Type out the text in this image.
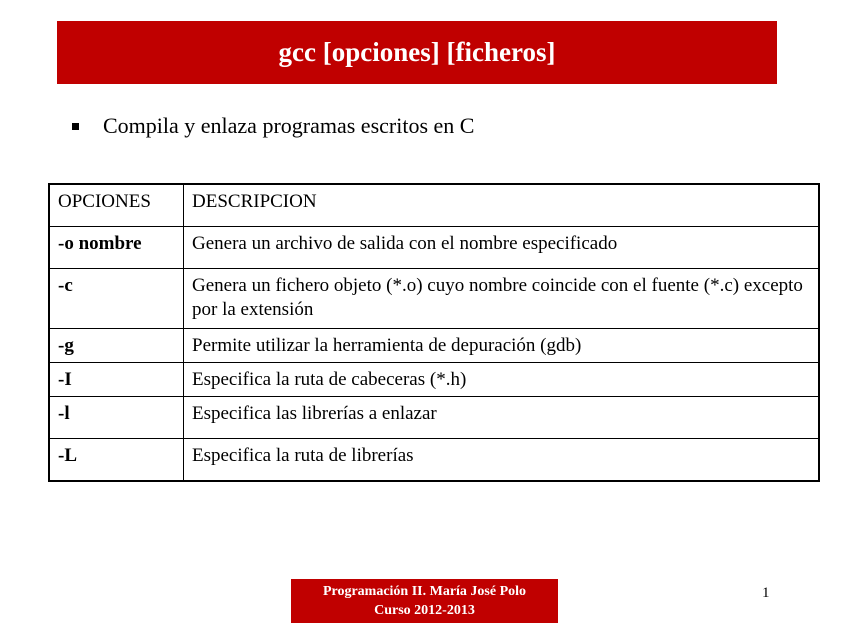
gcc [opciones] [ficheros]
Compila y enlaza programas escritos en C
OPCIONES	DESCRIPCION
-o nombre	Genera un archivo de salida con el nombre especificado
-c	Genera un fichero objeto (*.o) cuyo nombre coincide con el fuente (*.c) excepto por la extensión
-g	Permite utilizar la herramienta de depuración (gdb)
-I	Especifica la ruta de cabeceras (*.h)
-l	Especifica las librerías a enlazar
-L	Especifica la ruta de librerías
Programación II. María José Polo
Curso 2012-2013
1
